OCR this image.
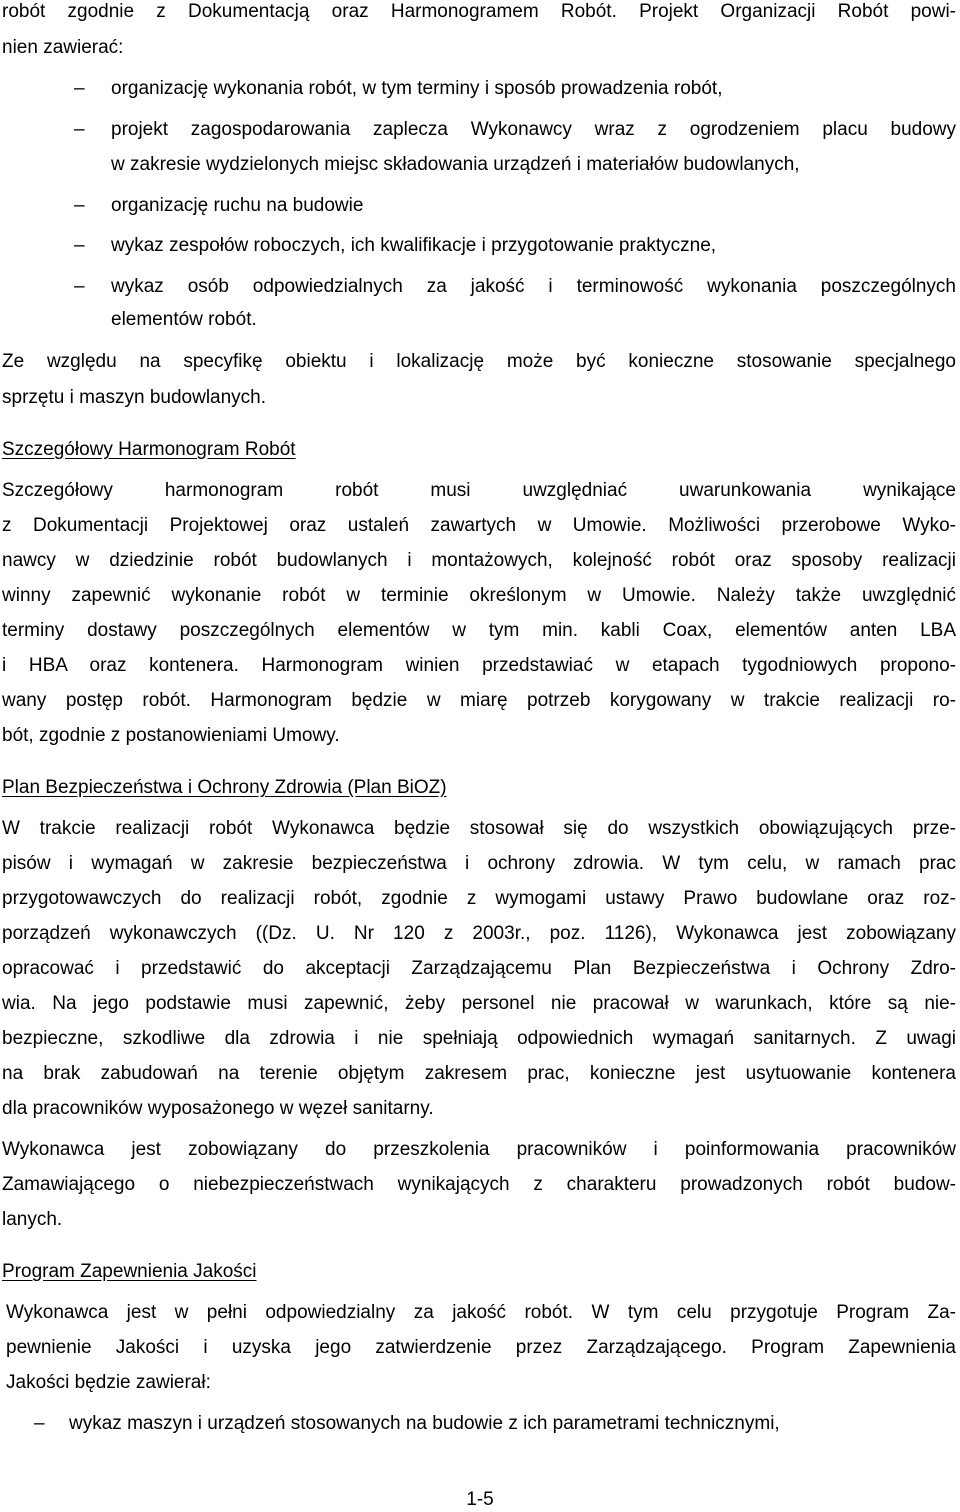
robót zgodnie z Dokumentacją oraz Harmonogramem Robót. Projekt Organizacji Robót powi-
nien zawierać:
– organizację wykonania robót, w tym terminy i sposób prowadzenia robót,
– projekt zagospodarowania zaplecza Wykonawcy wraz z ogrodzeniem placu budowy
w zakresie wydzielonych miejsc składowania urządzeń i materiałów budowlanych,
– organizację ruchu na budowie
– wykaz zespołów roboczych, ich kwalifikacje i przygotowanie praktyczne,
– wykaz osób odpowiedzialnych za jakość i terminowość wykonania poszczególnych
elementów robót.
Ze względu na specyfikę obiektu i lokalizację może być konieczne stosowanie specjalnego
sprzętu i maszyn budowlanych.
Szczegółowy Harmonogram Robót
Szczegółowy harmonogram robót musi uwzględniać uwarunkowania wynikające
z Dokumentacji Projektowej oraz ustaleń zawartych w Umowie. Możliwości przerobowe Wyko-
nawcy w dziedzinie robót budowlanych i montażowych, kolejność robót oraz sposoby realizacji
winny zapewnić wykonanie robót w terminie określonym w Umowie. Należy także uwzględnić
terminy dostawy poszczególnych elementów w tym min. kabli Coax, elementów anten LBA
i HBA oraz kontenera. Harmonogram winien przedstawiać w etapach tygodniowych propono-
wany postęp robót. Harmonogram będzie w miarę potrzeb korygowany w trakcie realizacji ro-
bót, zgodnie z postanowieniami Umowy.
Plan Bezpieczeństwa i Ochrony Zdrowia (Plan BiOZ)
W trakcie realizacji robót Wykonawca będzie stosował się do wszystkich obowiązujących prze-
pisów i wymagań w zakresie bezpieczeństwa i ochrony zdrowia. W tym celu, w ramach prac
przygotowawczych do realizacji robót, zgodnie z wymogami ustawy Prawo budowlane oraz roz-
porządzeń wykonawczych ((Dz. U. Nr 120 z 2003r., poz. 1126), Wykonawca jest zobowiązany
opracować i przedstawić do akceptacji Zarządzającemu Plan Bezpieczeństwa i Ochrony Zdro-
wia. Na jego podstawie musi zapewnić, żeby personel nie pracował w warunkach, które są nie-
bezpieczne, szkodliwe dla zdrowia i nie spełniają odpowiednich wymagań sanitarnych. Z uwagi
na brak zabudowań na terenie objętym zakresem prac, konieczne jest usytuowanie kontenera
dla pracowników wyposażonego w węzeł sanitarny.
Wykonawca jest zobowiązany do przeszkolenia pracowników i poinformowania pracowników
Zamawiającego o niebezpieczeństwach wynikających z charakteru prowadzonych robót budow-
lanych.
Program Zapewnienia Jakości
Wykonawca jest w pełni odpowiedzialny za jakość robót. W tym celu przygotuje Program Za-
pewnienie Jakości i uzyska jego zatwierdzenie przez Zarządzającego. Program Zapewnienia
Jakości będzie zawierał:
– wykaz maszyn i urządzeń stosowanych na budowie z ich parametrami technicznymi,
1-5
